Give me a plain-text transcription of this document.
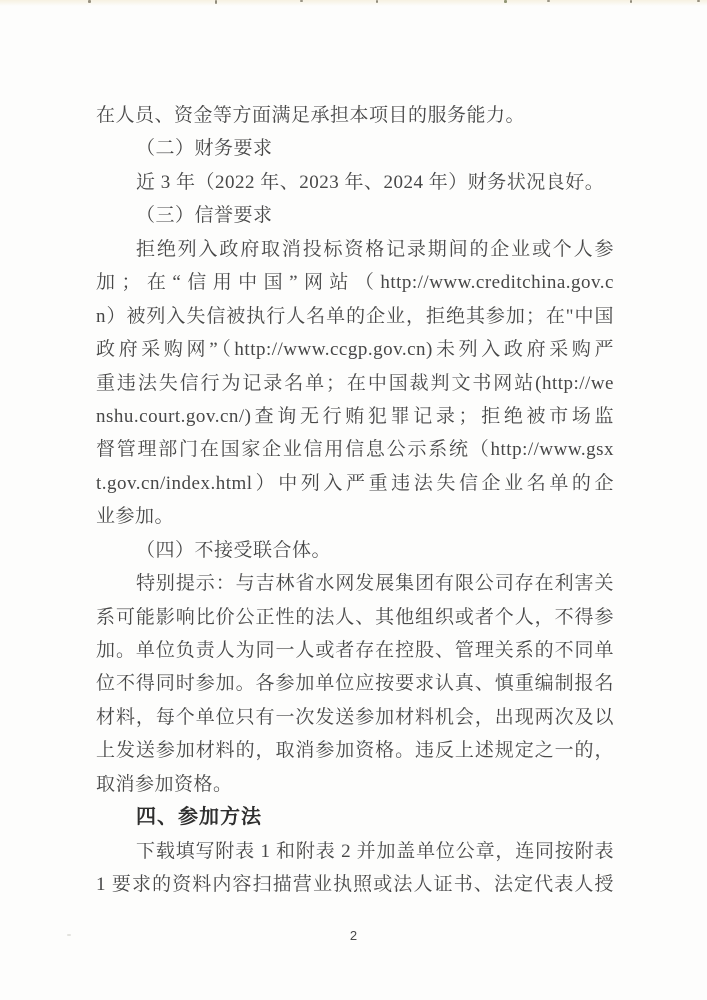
在人员、资金等方面满足承担本项目的服务能力。
（二）财务要求
近 3 年（2022 年、2023 年、2024 年）财务状况良好。
（三）信誉要求
拒绝列入政府取消投标资格记录期间的企业或个人参
加；在“信用中国”网站（http://www.creditchina.gov.c
n）被列入失信被执行人名单的企业，拒绝其参加；在"中国
政府采购网”（http://www.ccgp.gov.cn)未列入政府采购严
重违法失信行为记录名单；在中国裁判文书网站(http://we
nshu.court.gov.cn/)查询无行贿犯罪记录；拒绝被市场监
督管理部门在国家企业信用信息公示系统（http://www.gsx
t.gov.cn/index.html）中列入严重违法失信企业名单的企
业参加。
（四）不接受联合体。
特别提示：与吉林省水网发展集团有限公司存在利害关
系可能影响比价公正性的法人、其他组织或者个人，不得参
加。单位负责人为同一人或者存在控股、管理关系的不同单
位不得同时参加。各参加单位应按要求认真、慎重编制报名
材料，每个单位只有一次发送参加材料机会，出现两次及以
上发送参加材料的，取消参加资格。违反上述规定之一的，
取消参加资格。
四、参加方法
下载填写附表 1 和附表 2 并加盖单位公章，连同按附表
1 要求的资料内容扫描营业执照或法人证书、法定代表人授
2
